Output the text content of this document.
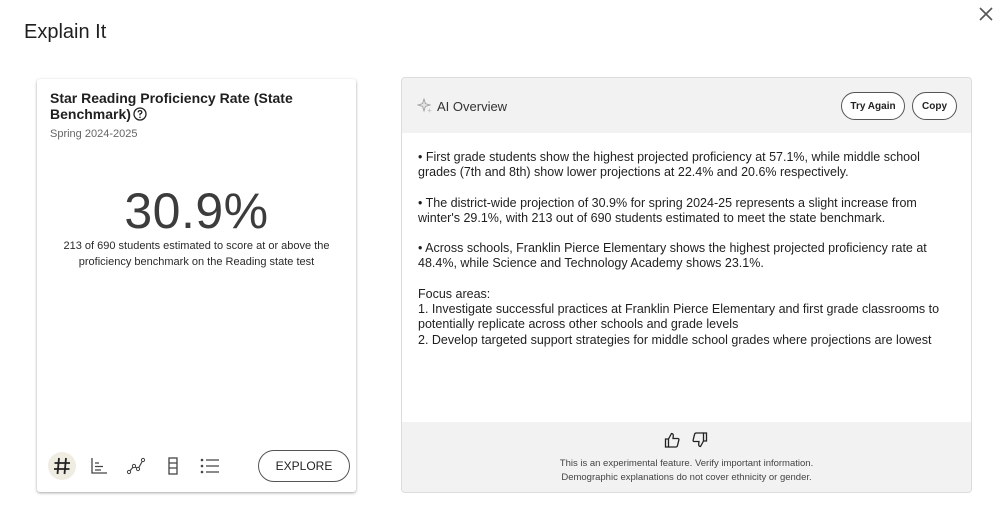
Explain It
Star Reading Proficiency Rate (State Benchmark)
Spring 2024-2025
30.9%
213 of 690 students estimated to score at or above the proficiency benchmark on the Reading state test
EXPLORE
AI Overview	Try Again	Copy

• First grade students show the highest projected proficiency at 57.1%, while middle school grades (7th and 8th) show lower projections at 22.4% and 20.6% respectively.

• The district-wide projection of 30.9% for spring 2024-25 represents a slight increase from winter's 29.1%, with 213 out of 690 students estimated to meet the state benchmark.

• Across schools, Franklin Pierce Elementary shows the highest projected proficiency rate at 48.4%, while Science and Technology Academy shows 23.1%.

Focus areas:

1. Investigate successful practices at Franklin Pierce Elementary and first grade classrooms to potentially replicate across other schools and grade levels

2. Develop targeted support strategies for middle school grades where projections are lowest

This is an experimental feature. Verify important information.
Demographic explanations do not cover ethnicity or gender.
